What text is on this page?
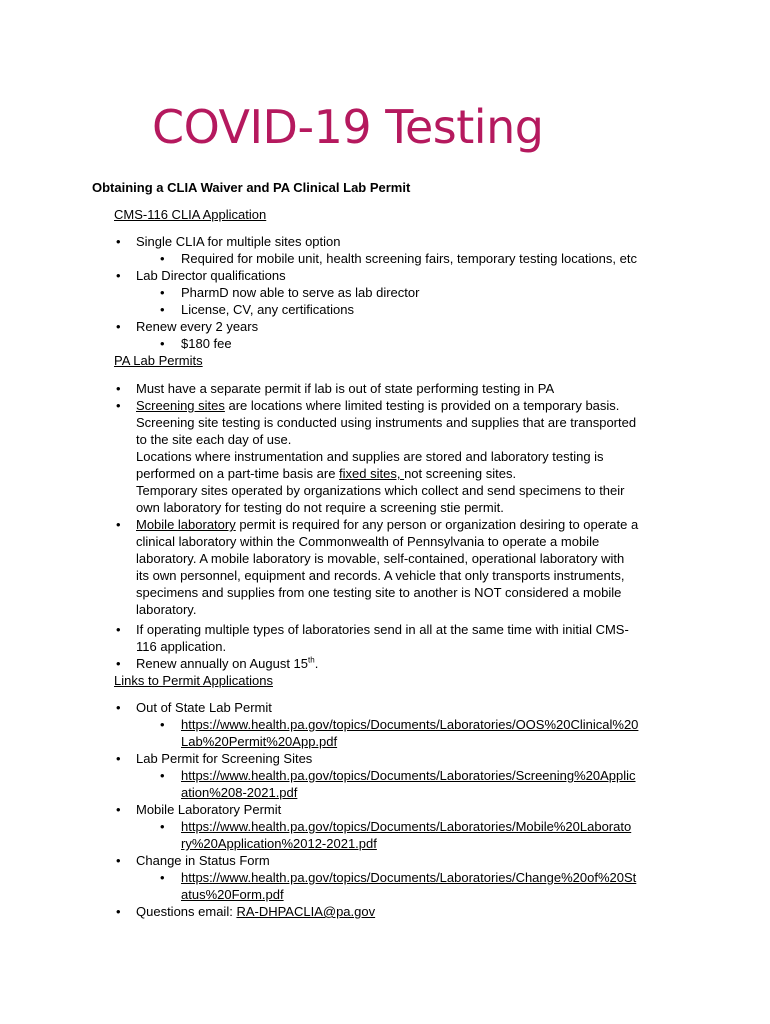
COVID-19 Testing
Obtaining a CLIA Waiver and PA Clinical Lab Permit
CMS-116 CLIA Application
• Single CLIA for multiple sites option
• Required for mobile unit, health screening fairs, temporary testing locations, etc
• Lab Director qualifications
• PharmD now able to serve as lab director
• License, CV, any certifications
• Renew every 2 years
• $180 fee
PA Lab Permits
• Must have a separate permit if lab is out of state performing testing in PA
• Screening sites are locations where limited testing is provided on a temporary basis.
Screening site testing is conducted using instruments and supplies that are transported
to the site each day of use.
Locations where instrumentation and supplies are stored and laboratory testing is
performed on a part-time basis are fixed sites, not screening sites.
Temporary sites operated by organizations which collect and send specimens to their
own laboratory for testing do not require a screening stie permit.
• Mobile laboratory permit is required for any person or organization desiring to operate a
clinical laboratory within the Commonwealth of Pennsylvania to operate a mobile
laboratory. A mobile laboratory is movable, self-contained, operational laboratory with
its own personnel, equipment and records. A vehicle that only transports instruments,
specimens and supplies from one testing site to another is NOT considered a mobile
laboratory.
• If operating multiple types of laboratories send in all at the same time with initial CMS-
116 application.
• Renew annually on August 15th.
Links to Permit Applications
• Out of State Lab Permit
• https://www.health.pa.gov/topics/Documents/Laboratories/OOS%20Clinical%20
Lab%20Permit%20App.pdf
• Lab Permit for Screening Sites
• https://www.health.pa.gov/topics/Documents/Laboratories/Screening%20Applic
ation%208-2021.pdf
• Mobile Laboratory Permit
• https://www.health.pa.gov/topics/Documents/Laboratories/Mobile%20Laborato
ry%20Application%2012-2021.pdf
• Change in Status Form
• https://www.health.pa.gov/topics/Documents/Laboratories/Change%20of%20St
atus%20Form.pdf
• Questions email: RA-DHPACLIA@pa.gov
